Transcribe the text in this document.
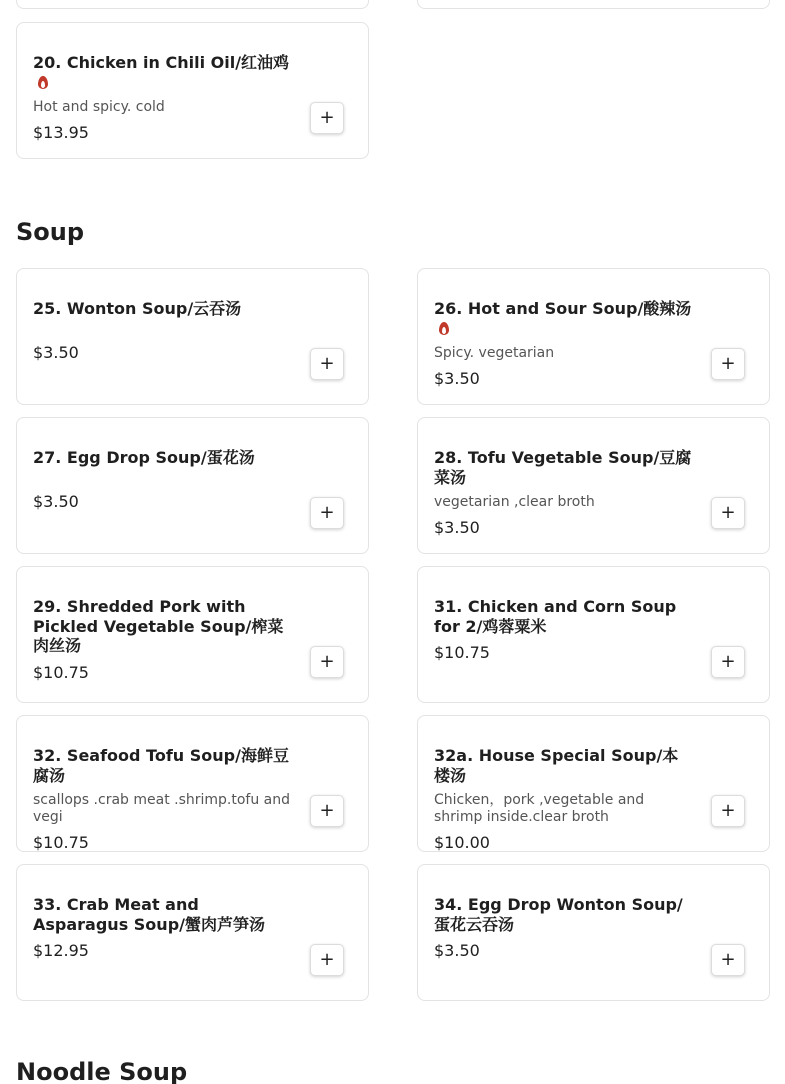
20. Chicken in Chili Oil/红油鸡
Hot and spicy. cold
$13.95
+
Soup
25. Wonton Soup/云吞汤
$3.50
+
26. Hot and Sour Soup/酸辣汤
Spicy. vegetarian
$3.50
+
27. Egg Drop Soup/蛋花汤
$3.50
+
28. Tofu Vegetable Soup/豆腐菜汤
vegetarian ,clear broth
$3.50
+
29. Shredded Pork with Pickled Vegetable Soup/榨菜肉丝汤
$10.75	+
31. Chicken and Corn Soup for 2/鸡蓉粟米
$10.75	+
32. Seafood Tofu Soup/海鲜豆腐汤
scallops .crab meat .shrimp.tofu and vegi
$10.75
+
32a. House Special Soup/本楼汤
Chicken，pork ,vegetable and shrimp inside.clear broth
$10.00
+
33. Crab Meat and Asparagus Soup/蟹肉芦笋汤
$12.95	+
34. Egg Drop Wonton Soup/蛋花云吞汤
$3.50	+
Noodle Soup
